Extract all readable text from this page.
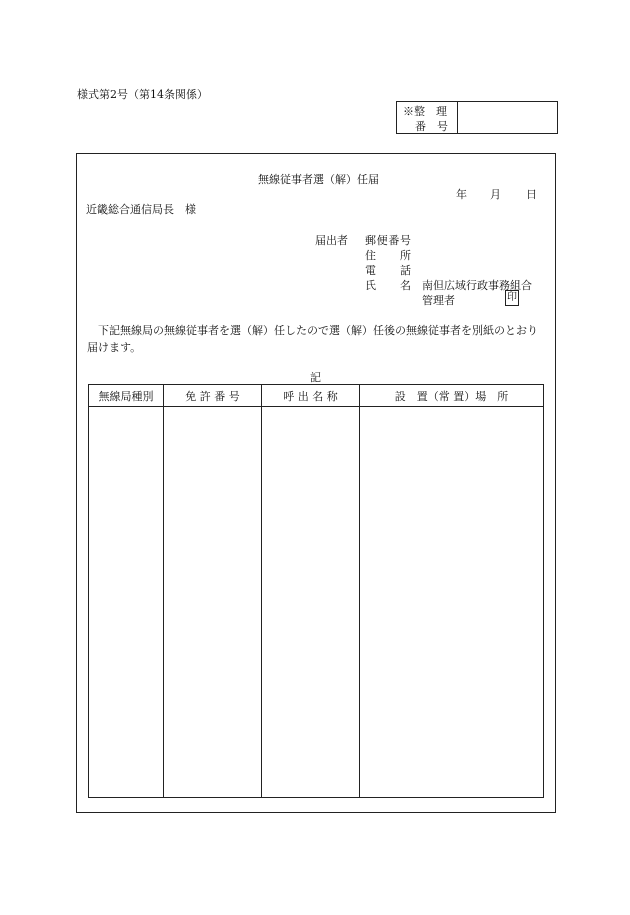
様式第2号（第14条関係）
※整　理
番　号
無線従事者選（解）任届
年 月 日
近畿総合通信局長　様
届出者 郵便番号
住所
電話
氏名 南但広域行政事務組合
管理者	印
下記無線局の無線従事者を選（解）任したので選（解）任後の無線従事者を別紙のとおり届けます。
記
無線局種別	免 許 番 号	呼 出 名 称	設　置（常 置）場　所
